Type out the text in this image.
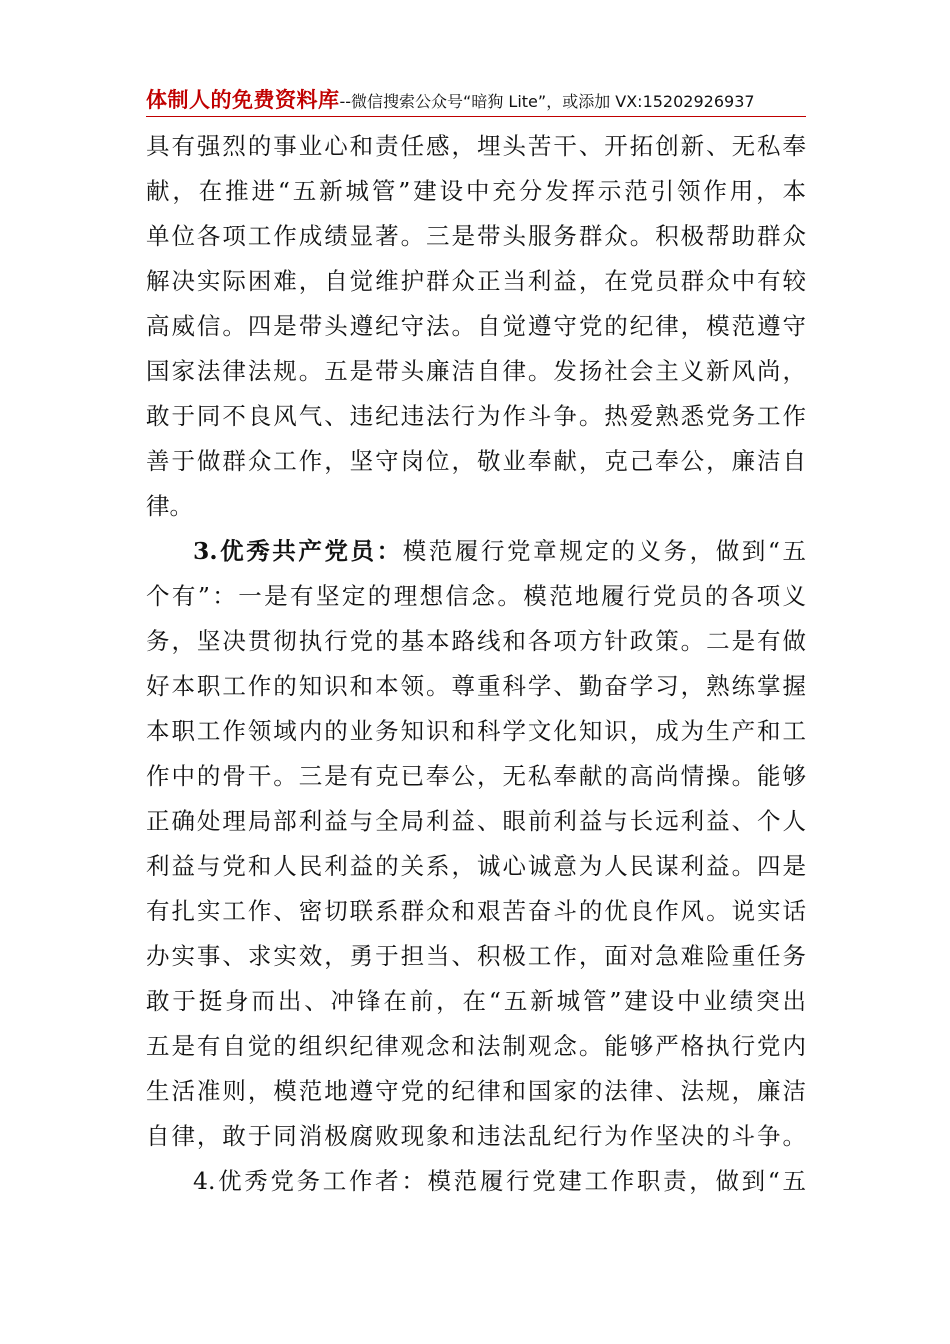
体制人的免费资料库--微信搜索公众号“暗狗 Lite”，或添加 VX:15202926937
具有强烈的事业心和责任感，埋头苦干、开拓创新、无私奉
献，在推进“五新城管”建设中充分发挥示范引领作用，本
单位各项工作成绩显著。三是带头服务群众。积极帮助群众
解决实际困难，自觉维护群众正当利益，在党员群众中有较
高威信。四是带头遵纪守法。自觉遵守党的纪律，模范遵守
国家法律法规。五是带头廉洁自律。发扬社会主义新风尚，
敢于同不良风气、违纪违法行为作斗争。热爱熟悉党务工作
善于做群众工作，坚守岗位，敬业奉献，克己奉公，廉洁自
律。
3.优秀共产党员：模范履行党章规定的义务，做到“五
个有”：一是有坚定的理想信念。模范地履行党员的各项义
务，坚决贯彻执行党的基本路线和各项方针政策。二是有做
好本职工作的知识和本领。尊重科学、勤奋学习，熟练掌握
本职工作领域内的业务知识和科学文化知识，成为生产和工
作中的骨干。三是有克已奉公，无私奉献的高尚情操。能够
正确处理局部利益与全局利益、眼前利益与长远利益、个人
利益与党和人民利益的关系，诚心诚意为人民谋利益。四是
有扎实工作、密切联系群众和艰苦奋斗的优良作风。说实话
办实事、求实效，勇于担当、积极工作，面对急难险重任务
敢于挺身而出、冲锋在前，在“五新城管”建设中业绩突出
五是有自觉的组织纪律观念和法制观念。能够严格执行党内
生活准则，模范地遵守党的纪律和国家的法律、法规，廉洁
自律，敢于同消极腐败现象和违法乱纪行为作坚决的斗争。
4.优秀党务工作者：模范履行党建工作职责，做到“五
